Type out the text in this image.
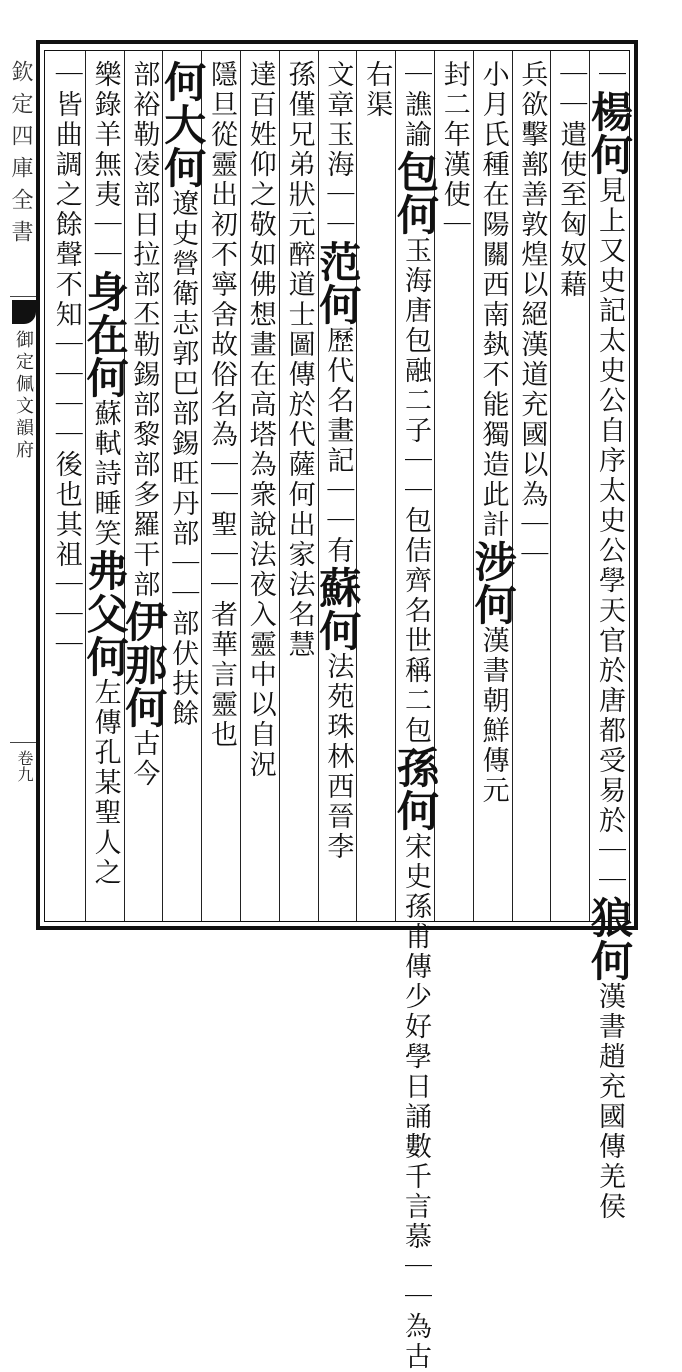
｜楊何見上又史記太史公自序太史公學天官於唐都受易於｜｜狼何漢書趙充國傳羌侯
｜｜遣使至匈奴藉
兵欲擊鄯善敦煌以絕漢道充國以為｜｜
小月氏種在陽關西南埶不能獨造此計涉何漢書朝鮮傳元
封二年漢使｜
｜譙諭包何玉海唐包融二子｜｜包佶齊名世稱二包孫何宋史孫甫傳少好學日誦數千言慕｜｜為古
右渠
文章玉海｜｜范何歷代名畫記｜｜有蘇何法苑珠林西晉李
孫僅兄弟狀元醉道士圖傳於代薩何出家法名慧
達百姓仰之敬如佛想畫在高塔為衆說法夜入靈中以自況
隱旦從靈出初不寧舍故俗名為｜｜聖｜｜者華言靈也
何大何遼史營衛志郭巴部錫旺丹部｜｜部伏扶餘
部裕勒凌部日拉部丕勒錫部黎部多羅干部伊那何古今
樂錄羊無夷｜｜身在何蘇軾詩睡笑弗父何左傳孔某聖人之
｜皆曲調之餘聲不知｜｜｜｜後也其祖｜｜｜
欽定四庫全書
御定佩文韻府
卷九
